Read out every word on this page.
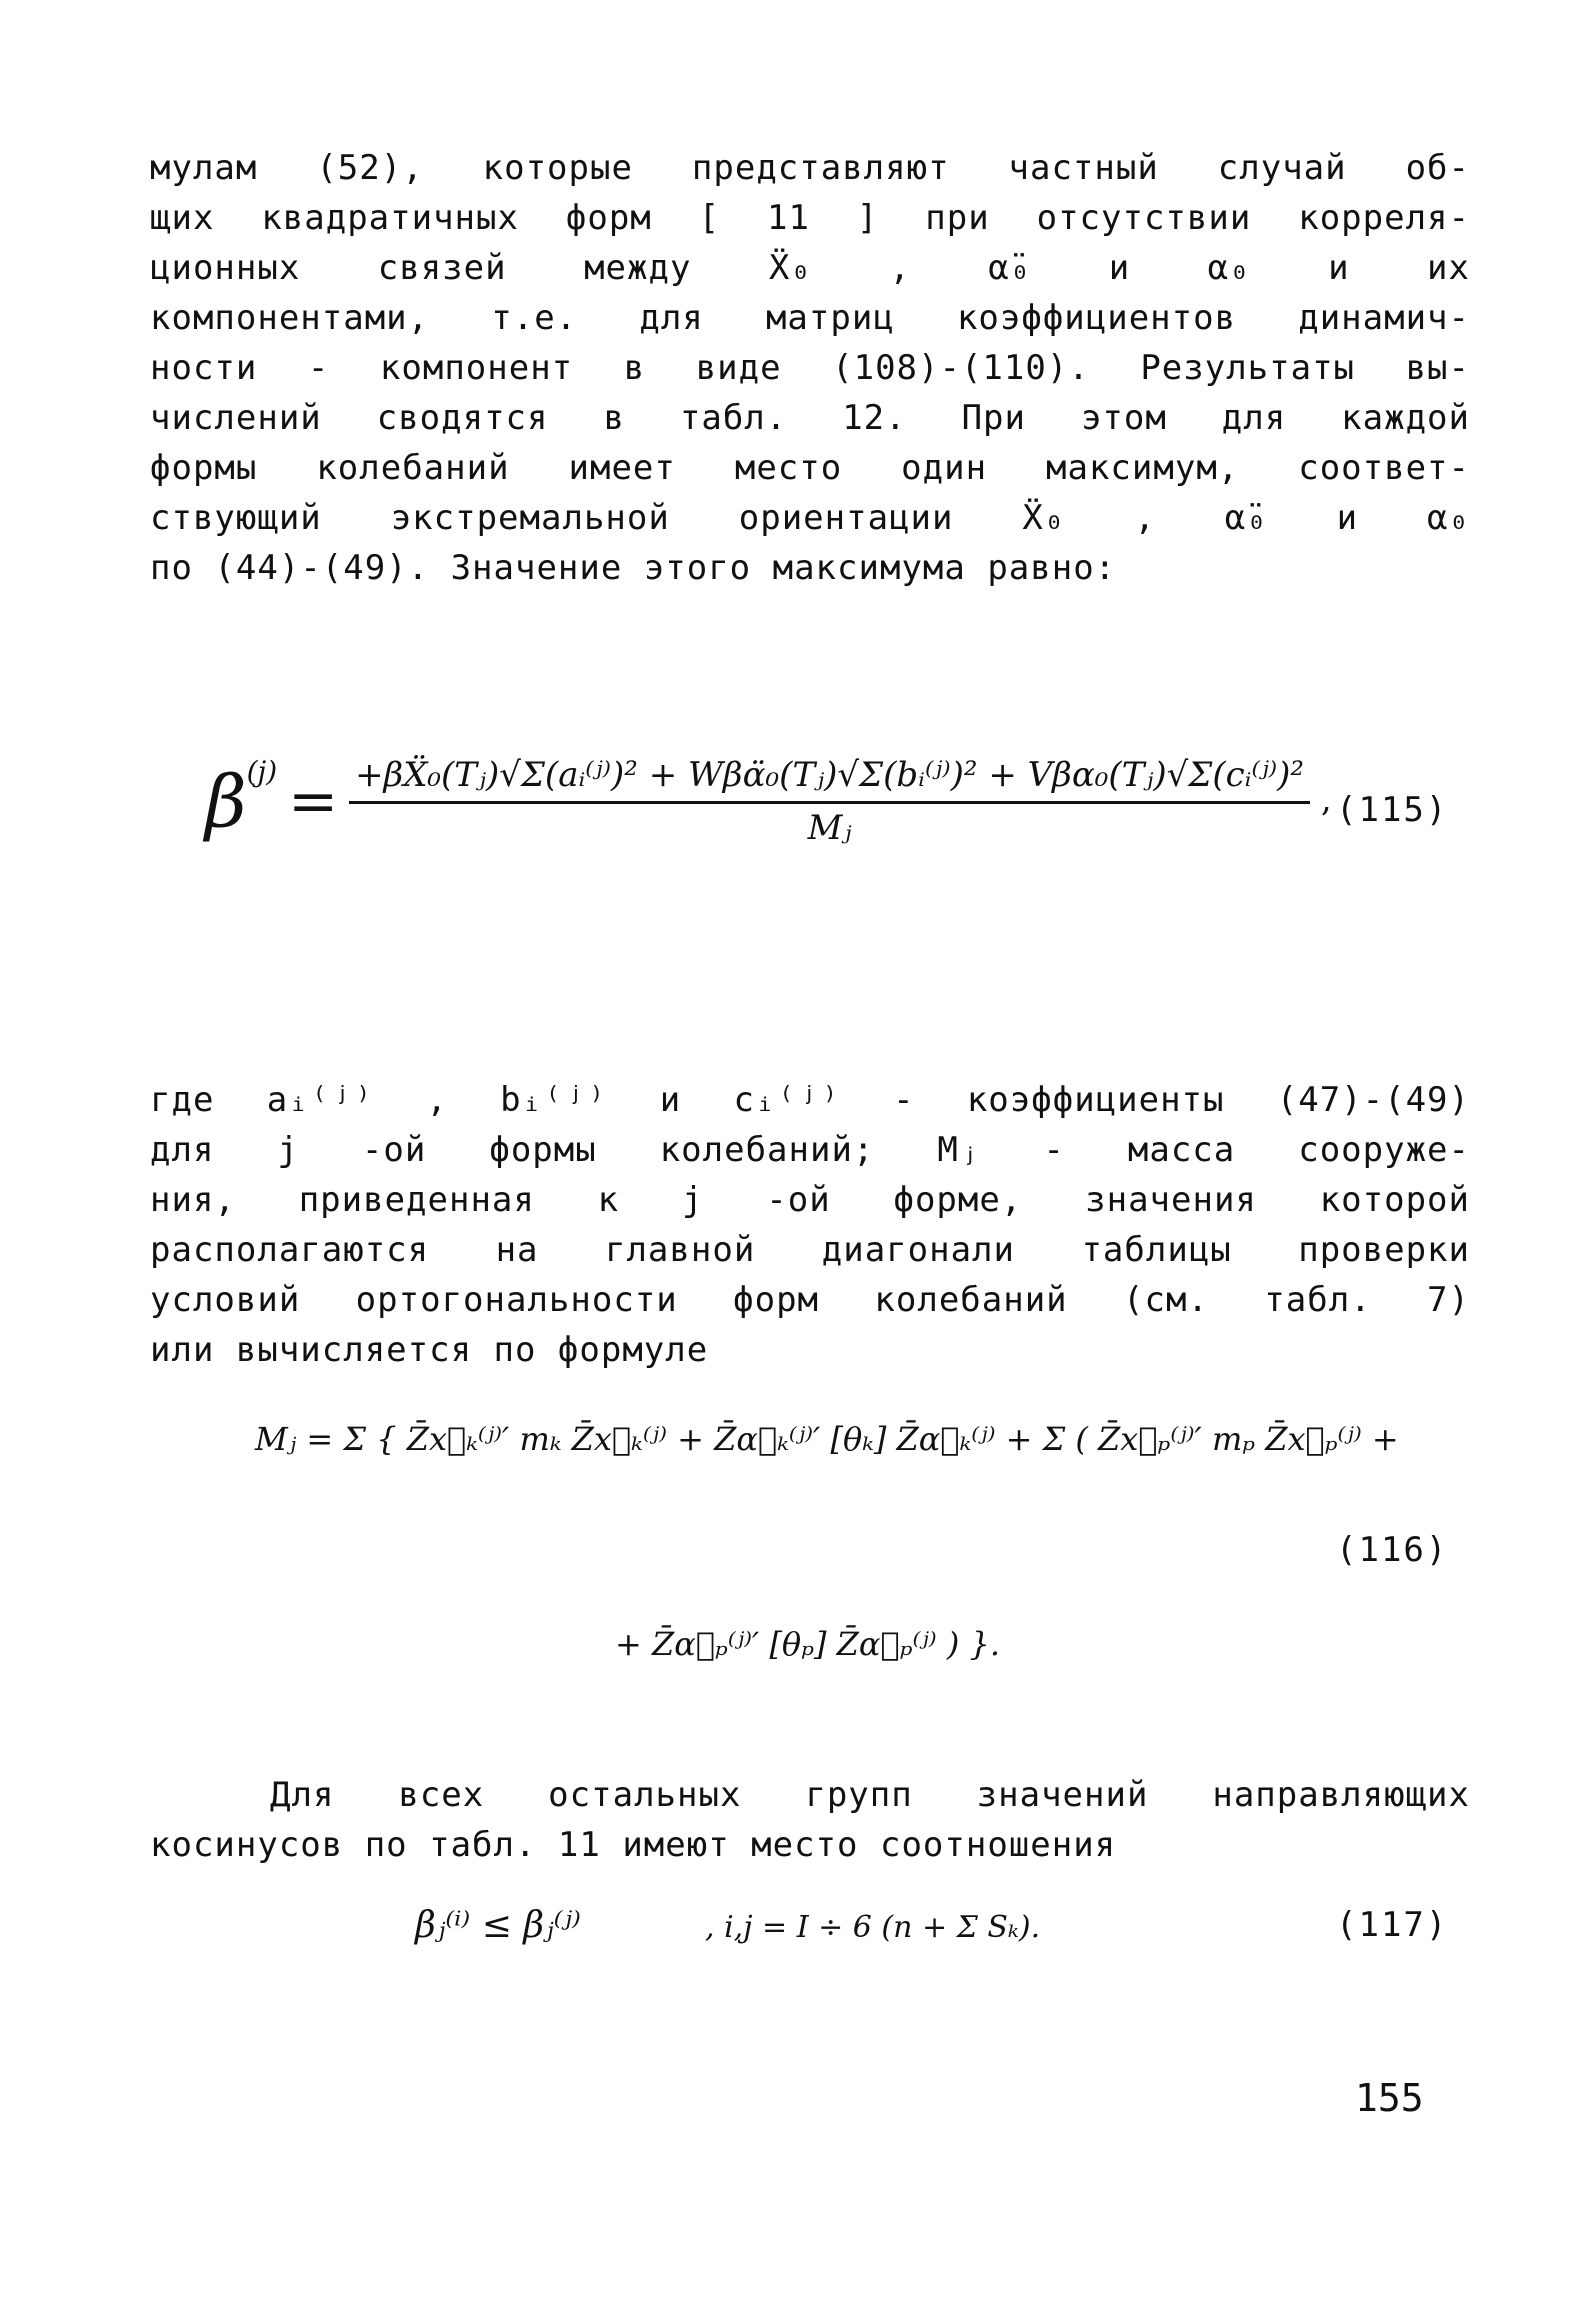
мулам (52), которые представляют частный случай об-
щих квадратичных форм [ 11 ] при отсутствии корреля-
ционных связей между Ẍ₀ , α̈₀ и α₀ и их
компонентами, т.е. для матриц коэффициентов динамич-
ности - компонент в виде (108)-(110). Результаты вы-
числений сводятся в табл. 12. При этом для каждой
формы колебаний имеет место один максимум, соответ-
ствующий экстремальной ориентации Ẍ₀ , α̈₀ и α₀
по (44)-(49). Значение этого максимума равно:
$\beta^{(j)}$ = +βẌ₀(Tⱼ)√Σ(aᵢ⁽ʲ⁾)² + Wβα̈₀(Tⱼ)√Σ(bᵢ⁽ʲ⁾)² + Vβα₀(Tⱼ)√Σ(cᵢ⁽ʲ⁾)²
Mⱼ
, (115)
где aᵢ⁽ʲ⁾ , bᵢ⁽ʲ⁾ и cᵢ⁽ʲ⁾ - коэффициенты (47)-(49)
для j -ой формы колебаний; Mⱼ - масса сооруже-
ния, приведенная к j -ой форме, значения которой
располагаются на главной диагонали таблицы проверки
условий ортогональности форм колебаний (см. табл. 7)
или вычисляется по формуле
Mⱼ = Σ { Z̄x⃗ₖ⁽ʲ⁾′ mₖ Z̄x⃗ₖ⁽ʲ⁾ + Z̄α⃗ₖ⁽ʲ⁾′ [θₖ] Z̄α⃗ₖ⁽ʲ⁾ + Σ ( Z̄x⃗ₚ⁽ʲ⁾′ mₚ Z̄x⃗ₚ⁽ʲ⁾ +
(116)
+ Z̄α⃗ₚ⁽ʲ⁾′ [θₚ] Z̄α⃗ₚ⁽ʲ⁾ ) }.
Для всех остальных групп значений направляющих
косинусов по табл. 11 имеют место соотношения
βⱼ⁽ⁱ⁾ ≤ βⱼ⁽ʲ⁾	, i,j = I ÷ 6 (n + Σ Sₖ).	(117)
155
